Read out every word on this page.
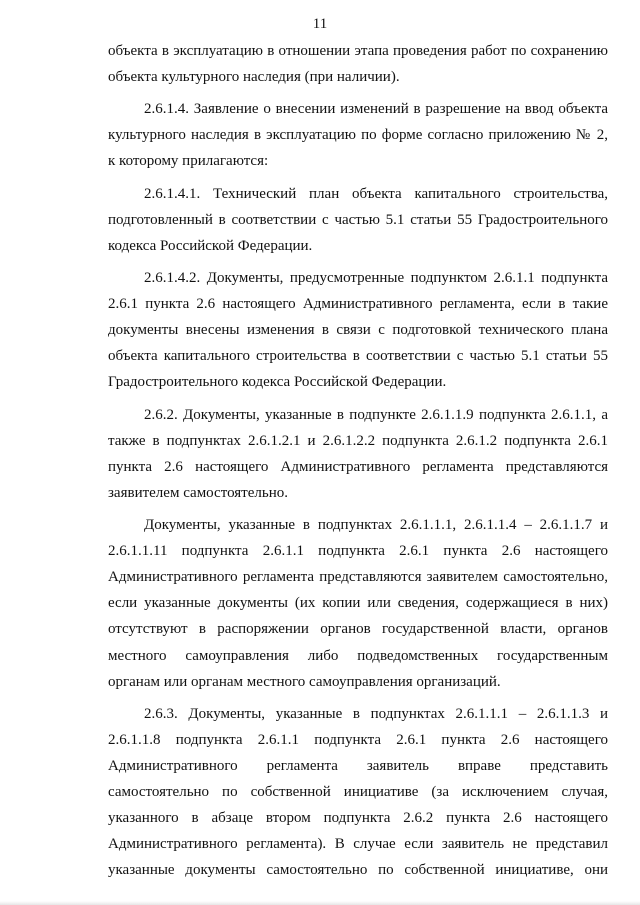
11
объекта в эксплуатацию в отношении этапа проведения работ по сохранению
объекта культурного наследия (при наличии).
2.6.1.4. Заявление о внесении изменений в разрешение на ввод объекта
культурного наследия в эксплуатацию по форме согласно приложению № 2,
к которому прилагаются:
2.6.1.4.1. Технический план объекта капитального строительства,
подготовленный в соответствии с частью 5.1 статьи 55 Градостроительного
кодекса Российской Федерации.
2.6.1.4.2. Документы, предусмотренные подпунктом 2.6.1.1 подпункта
2.6.1 пункта 2.6 настоящего Административного регламента, если в такие
документы внесены изменения в связи с подготовкой технического плана
объекта капитального строительства в соответствии с частью 5.1 статьи 55
Градостроительного кодекса Российской Федерации.
2.6.2. Документы, указанные в подпункте 2.6.1.1.9 подпункта 2.6.1.1, а
также в подпунктах 2.6.1.2.1 и 2.6.1.2.2 подпункта 2.6.1.2 подпункта 2.6.1
пункта 2.6 настоящего Административного регламента представляются
заявителем самостоятельно.
Документы, указанные в подпунктах 2.6.1.1.1, 2.6.1.1.4 – 2.6.1.1.7 и
2.6.1.1.11 подпункта 2.6.1.1 подпункта 2.6.1 пункта 2.6 настоящего
Административного регламента представляются заявителем самостоятельно,
если указанные документы (их копии или сведения, содержащиеся в них)
отсутствуют в распоряжении органов государственной власти, органов
местного самоуправления либо подведомственных государственным
органам или органам местного самоуправления организаций.
2.6.3. Документы, указанные в подпунктах 2.6.1.1.1 – 2.6.1.1.3 и
2.6.1.1.8 подпункта 2.6.1.1 подпункта 2.6.1 пункта 2.6 настоящего
Административного регламента заявитель вправе представить
самостоятельно по собственной инициативе (за исключением случая,
указанного в абзаце втором подпункта 2.6.2 пункта 2.6 настоящего
Административного регламента). В случае если заявитель не представил
указанные документы самостоятельно по собственной инициативе, они
